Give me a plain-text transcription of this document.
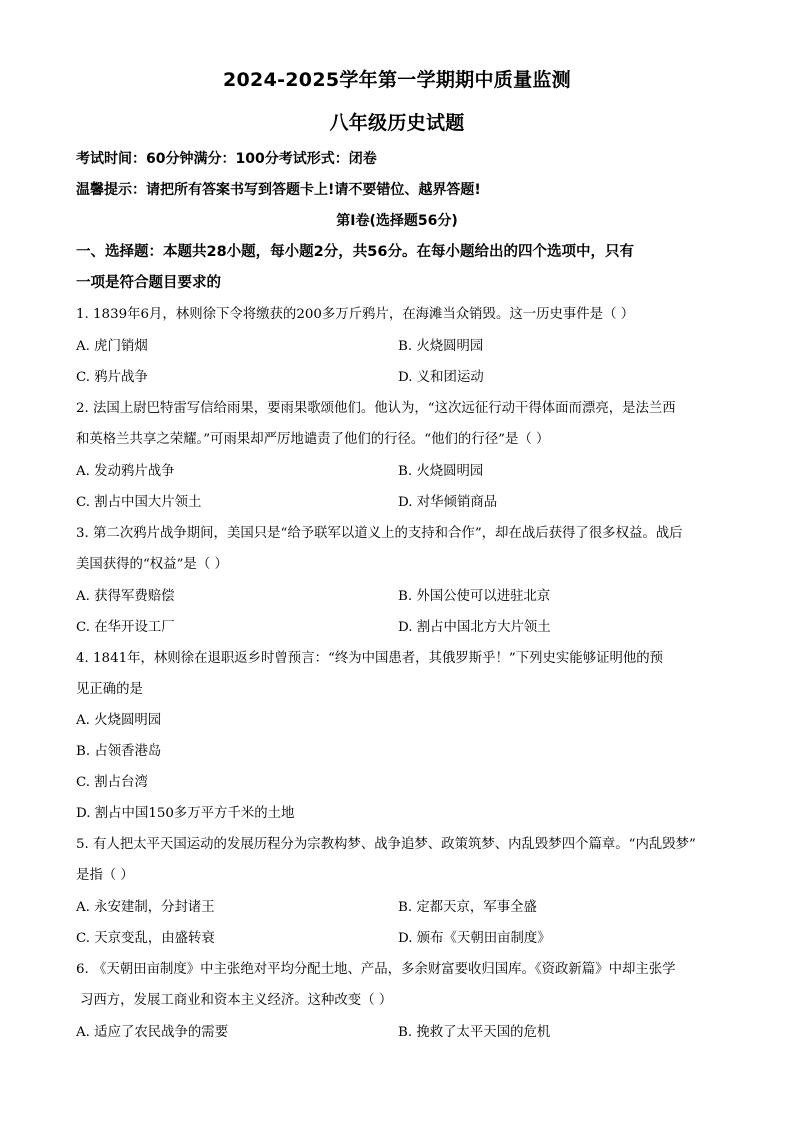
2024-2025学年第一学期期中质量监测
八年级历史试题
考试时间：60分钟满分：100分考试形式：闭卷
温馨提示：请把所有答案书写到答题卡上!请不要错位、越界答题!
第Ⅰ卷(选择题56分)
一、选择题：本题共28小题，每小题2分，共56分。在每小题给出的四个选项中，只有
一项是符合题目要求的
1. 1839年6月，林则徐下令将缴获的200多万斤鸦片，在海滩当众销毁。这一历史事件是（ ）
A. 虎门销烟	B. 火烧圆明园
C. 鸦片战争	D. 义和团运动
2. 法国上尉巴特雷写信给雨果，要雨果歌颂他们。他认为，“这次远征行动干得体面而漂亮，是法兰西
和英格兰共享之荣耀。”可雨果却严厉地谴责了他们的行径。“他们的行径”是（ ）
A. 发动鸦片战争	B. 火烧圆明园
C. 割占中国大片领土	D. 对华倾销商品
3. 第二次鸦片战争期间，美国只是“给予联军以道义上的支持和合作”，却在战后获得了很多权益。战后
美国获得的“权益”是（ ）
A. 获得军费赔偿	B. 外国公使可以进驻北京
C. 在华开设工厂	D. 割占中国北方大片领土
4. 1841年，林则徐在退职返乡时曾预言：“终为中国患者，其俄罗斯乎！”下列史实能够证明他的预
见正确的是
A. 火烧圆明园
B. 占领香港岛
C. 割占台湾
D. 割占中国150多万平方千米的土地
5. 有人把太平天国运动的发展历程分为宗教构梦、战争追梦、政策筑梦、内乱毁梦四个篇章。“内乱毁梦”
是指（ ）
A. 永安建制，分封诸王	B. 定都天京，军事全盛
C. 天京变乱，由盛转衰	D. 颁布《天朝田亩制度》
6. 《天朝田亩制度》中主张绝对平均分配土地、产品，多余财富要收归国库。《资政新篇》中却主张学
习西方，发展工商业和资本主义经济。这种改变（ ）
A. 适应了农民战争的需要	B. 挽救了太平天国的危机
